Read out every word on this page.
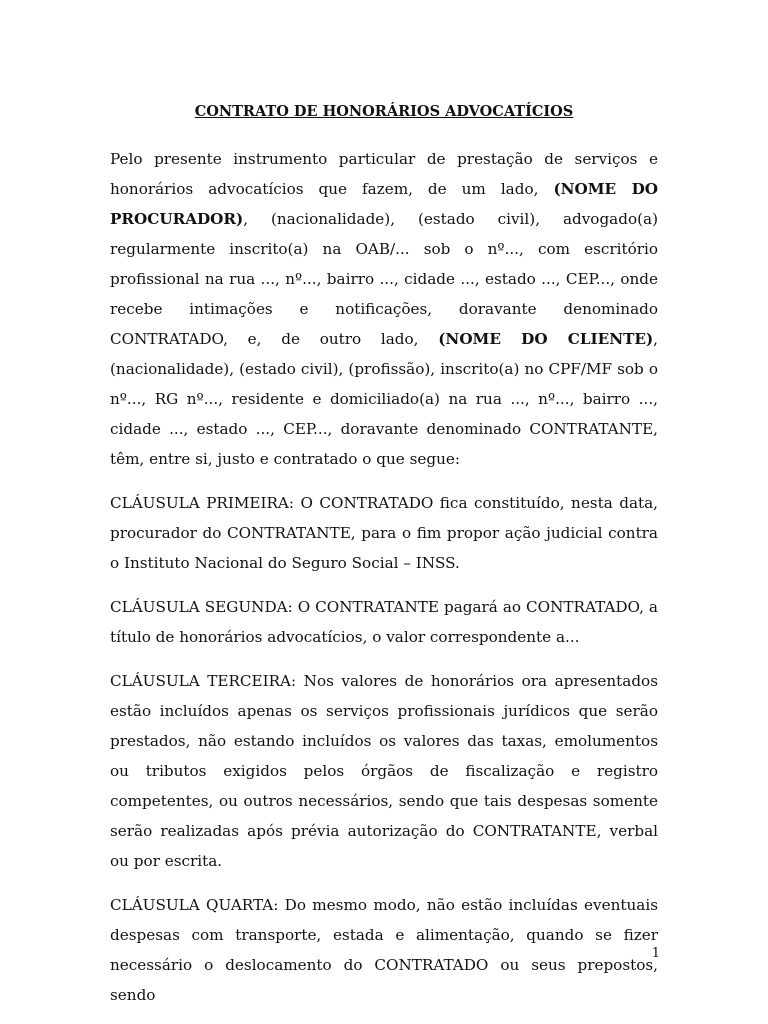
CONTRATO DE HONORÁRIOS ADVOCATÍCIOS

Pelo presente instrumento particular de prestação de serviços e honorários advocatícios que fazem, de um lado, (NOME DO PROCURADOR), (nacionalidade), (estado civil), advogado(a) regularmente inscrito(a) na OAB/... sob o nº..., com escritório profissional na rua ..., nº..., bairro ..., cidade ..., estado ..., CEP..., onde recebe intimações e notificações, doravante denominado CONTRATADO, e, de outro lado, (NOME DO CLIENTE), (nacionalidade), (estado civil), (profissão), inscrito(a) no CPF/MF sob o nº..., RG nº..., residente e domiciliado(a) na rua ..., nº..., bairro ..., cidade ..., estado ..., CEP..., doravante denominado CONTRATANTE, têm, entre si, justo e contratado o que segue:

CLÁUSULA PRIMEIRA: O CONTRATADO fica constituído, nesta data, procurador do CONTRATANTE, para o fim propor ação judicial contra o Instituto Nacional do Seguro Social – INSS.

CLÁUSULA SEGUNDA: O CONTRATANTE pagará ao CONTRATADO, a título de honorários advocatícios, o valor correspondente a...

CLÁUSULA TERCEIRA: Nos valores de honorários ora apresentados estão incluídos apenas os serviços profissionais jurídicos que serão prestados, não estando incluídos os valores das taxas, emolumentos ou tributos exigidos pelos órgãos de fiscalização e registro competentes, ou outros necessários, sendo que tais despesas somente serão realizadas após prévia autorização do CONTRATANTE, verbal ou por escrita.

CLÁUSULA QUARTA: Do mesmo modo, não estão incluídas eventuais despesas com transporte, estada e alimentação, quando se fizer necessário o deslocamento do CONTRATADO ou seus prepostos, sendo

1
